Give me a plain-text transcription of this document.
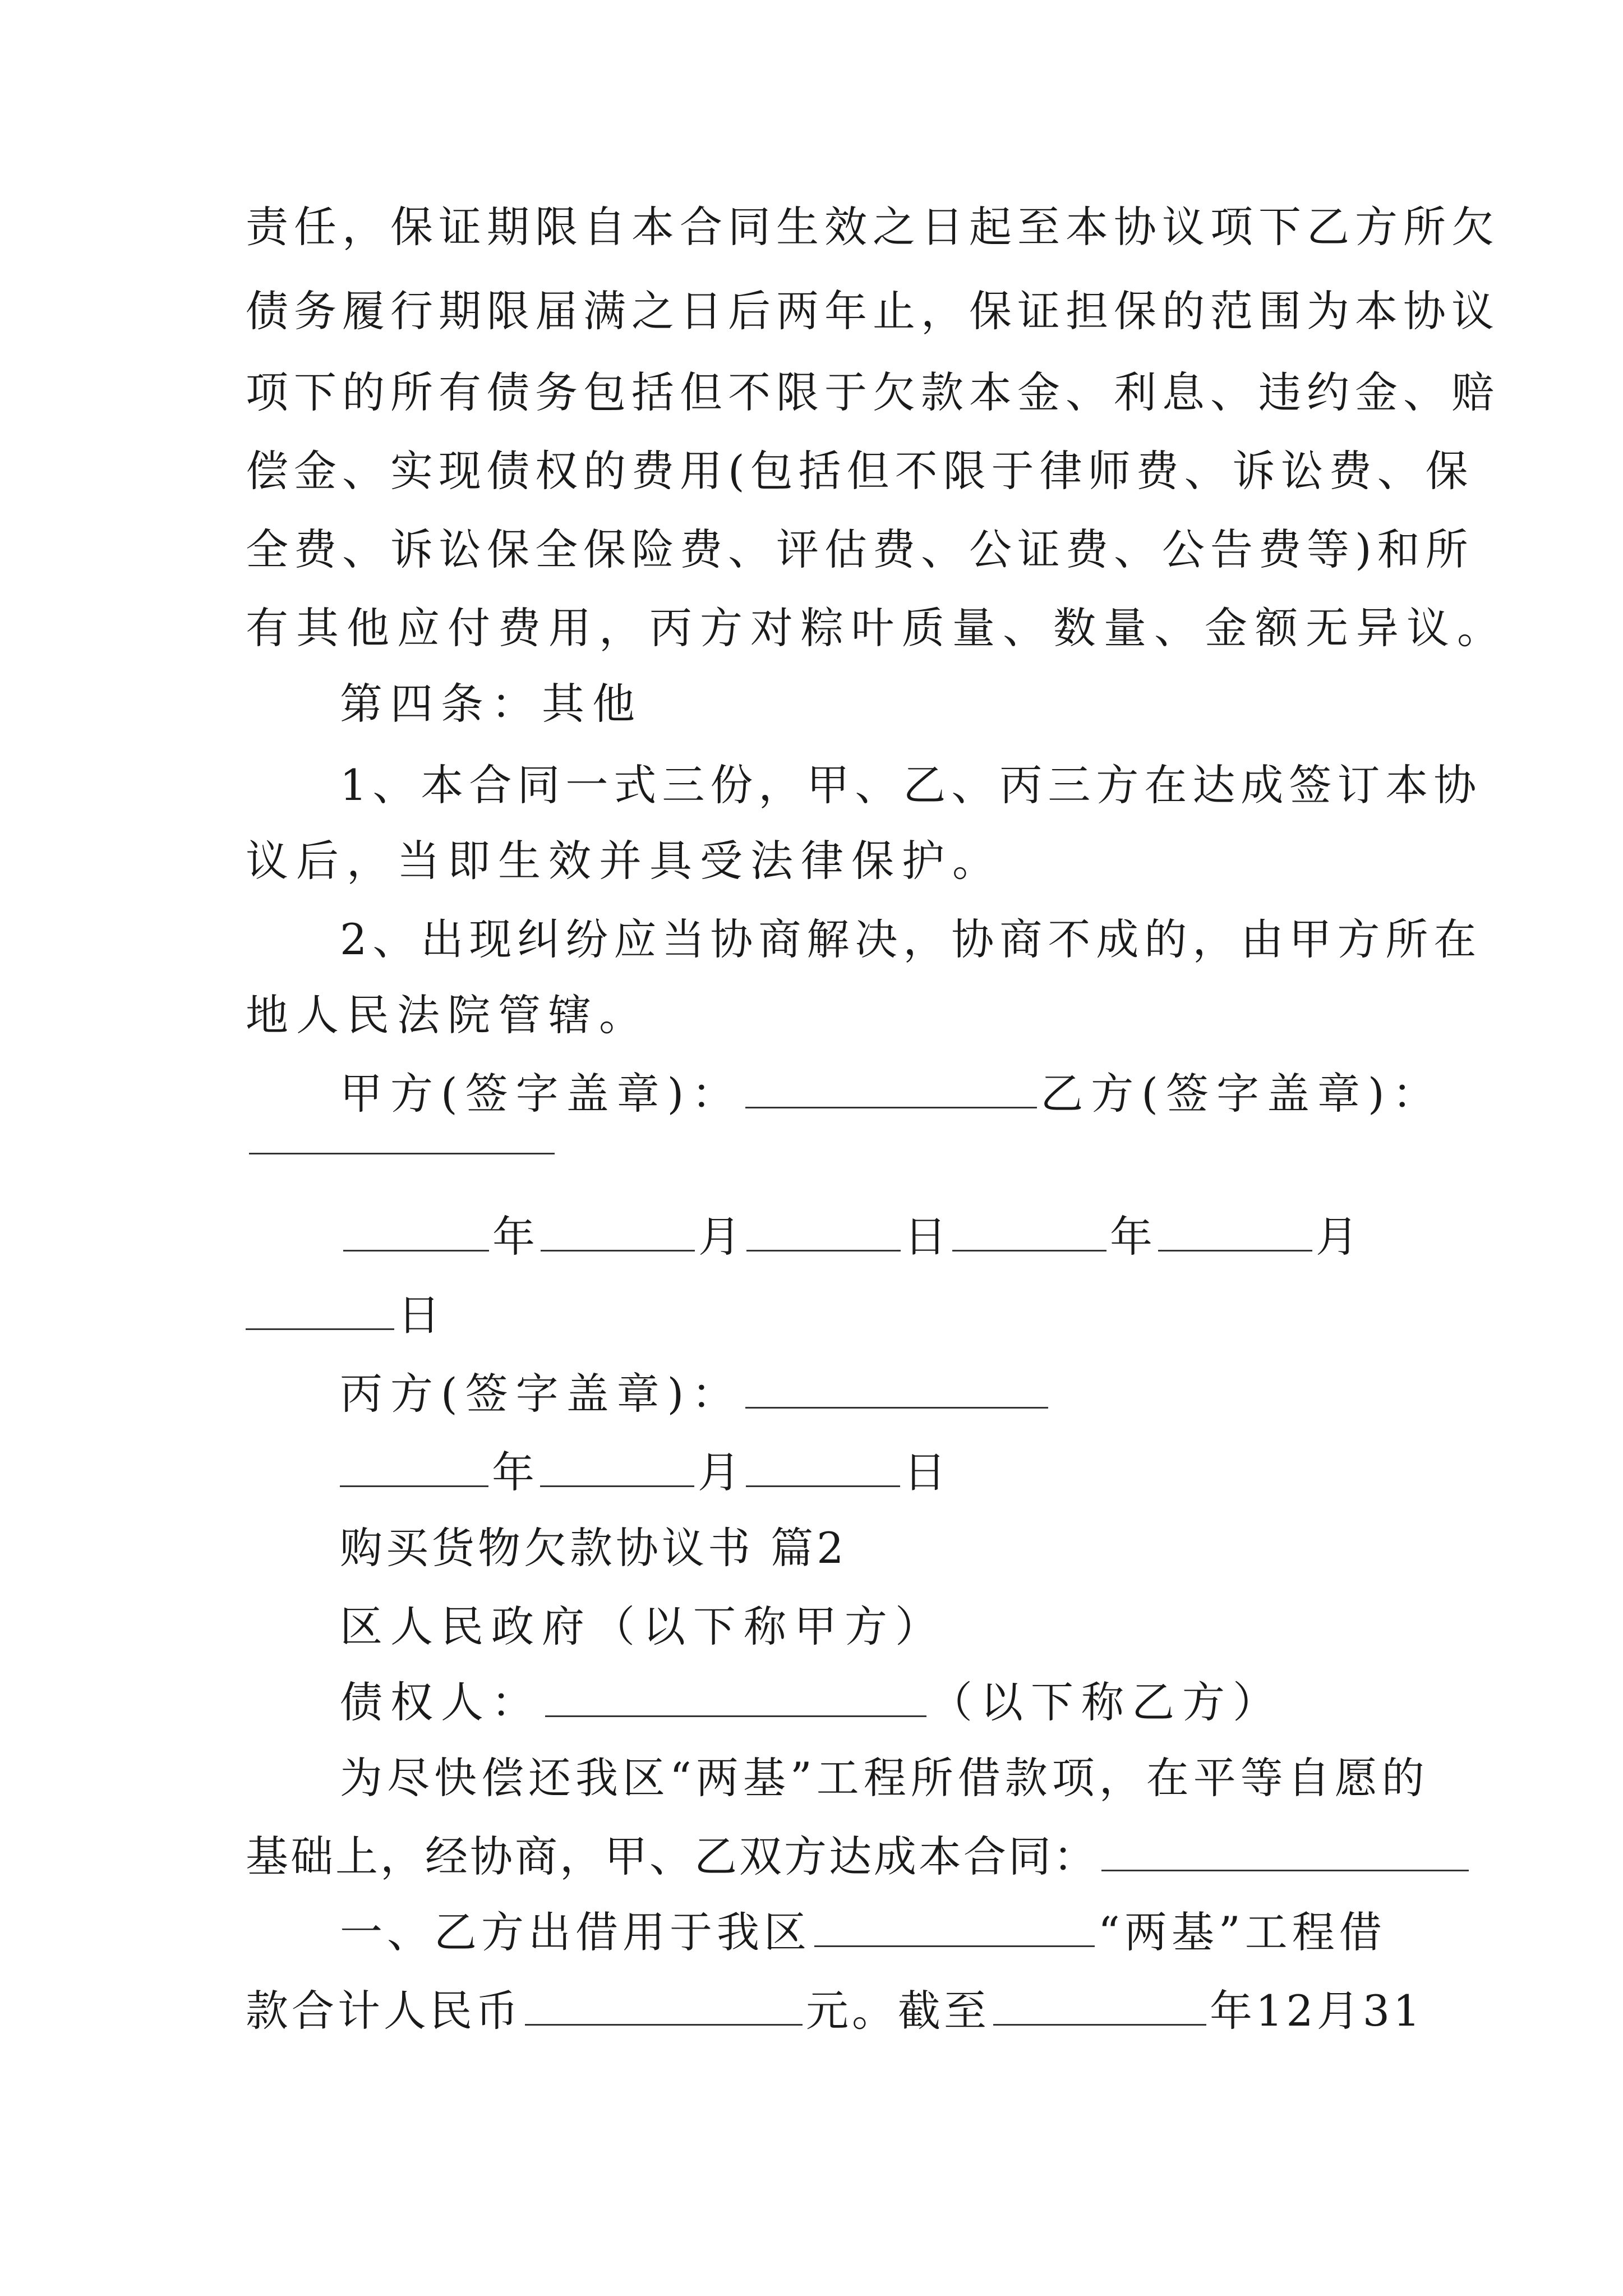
责任，保证期限自本合同生效之日起至本协议项下乙方所欠
债务履行期限届满之日后两年止，保证担保的范围为本协议
项下的所有债务包括但不限于欠款本金、利息、违约金、赔
偿金、实现债权的费用(包括但不限于律师费、诉讼费、保
全费、诉讼保全保险费、评估费、公证费、公告费等)和所
有其他应付费用，丙方对粽叶质量、数量、金额无异议。
第四条：其他
1、本合同一式三份，甲、乙、丙三方在达成签订本协
议后，当即生效并具受法律保护。
2、出现纠纷应当协商解决，协商不成的，由甲方所在
地人民法院管辖。
甲方(签字盖章)：	乙方(签字盖章)：
年	月	日	年	月
日
丙方(签字盖章)：
年	月	日
购买货物欠款协议书 篇2
区人民政府（以下称甲方）
债权人：	（以下称乙方）
为尽快偿还我区“两基”工程所借款项，在平等自愿的
基础上，经协商，甲、乙双方达成本合同：
一、乙方出借用于我区	“两基”工程借
款合计人民币	元。截至	年12月31
